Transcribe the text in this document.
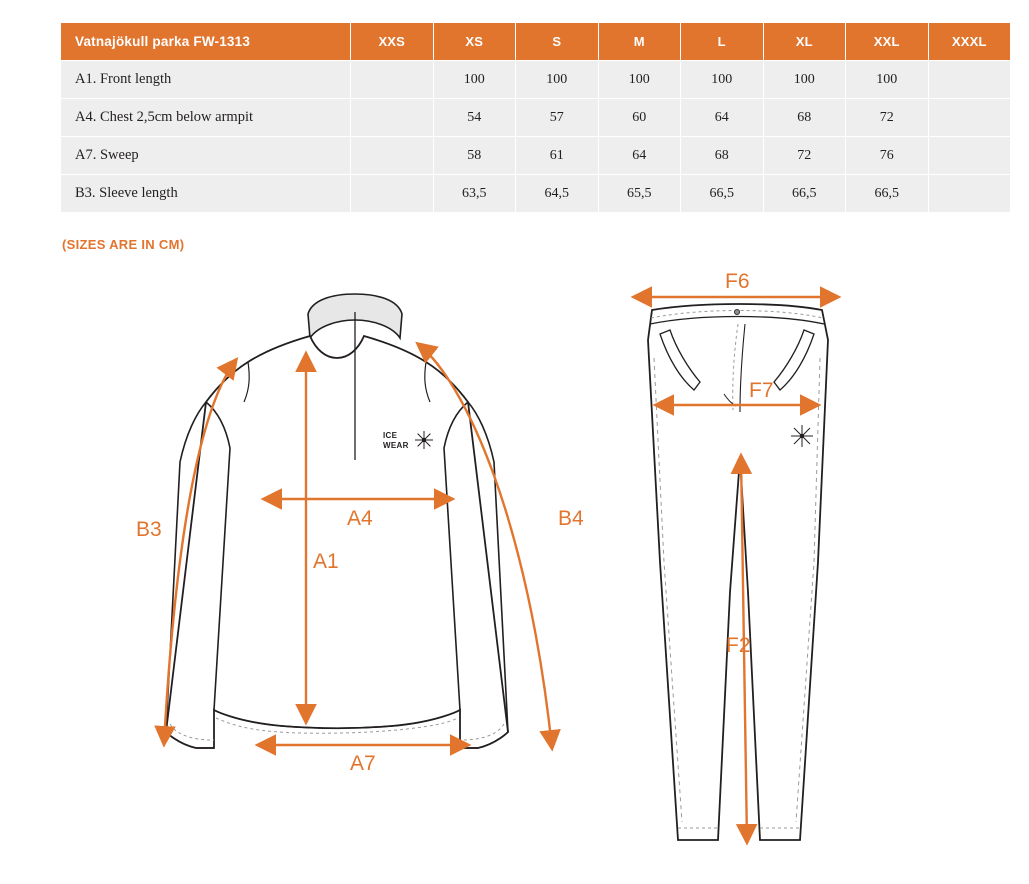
Vatnajökull parka FW-1313	XXS	XS	S	M	L	XL	XXL	XXXL
A1. Front length		100	100	100	100	100	100	
A4. Chest 2,5cm below armpit		54	57	60	64	68	72	
A7. Sweep		58	61	64	68	72	76	
B3. Sleeve length		63,5	64,5	65,5	66,5	66,5	66,5	
(SIZES ARE IN CM)
ICE
WEAR
B3	B4
A4
A1
A7
F6
F7
F2
